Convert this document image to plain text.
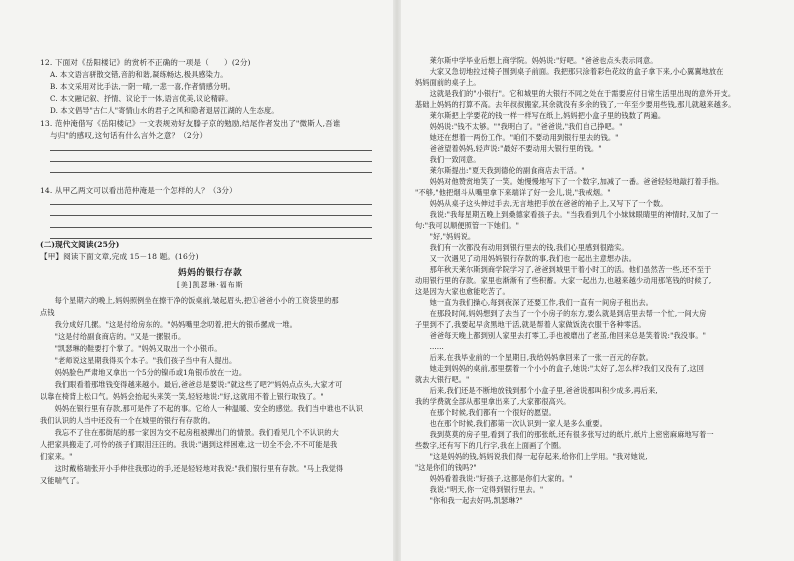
12. 下面对《岳阳楼记》的赏析不正确的一项是（　　）(2分)
A. 本文语言骈散交错,音韵和谐,凝练畅达,极具感染力。
B. 本文采用对比手法,一阴一晴,一悲一喜,作者情感分明。
C. 本文融记叙、抒情、议论于一体,语言优美,议论精辟。
D. 本文倡导"古仁人"寄情山水的君子之风和隐者退居江湖的人生态度。
13. 范仲淹借写《岳阳楼记》一文表规劝好友滕子京的勉励,结尾作者发出了"微斯人,吾谁
与归"的感叹,这句话有什么言外之意？（2分）
14. 从甲乙两文可以看出范仲淹是一个怎样的人？（3分）
(二)现代文阅读(25分)
【甲】阅读下面文章,完成 15－18 题。(16分)
妈妈的银行存款
[美]凯瑟琳·福布斯
　　每个星期六的晚上,妈妈照例坐在擦干净的饭桌前,皱起眉头,把①爸爸小小的工资袋里的那
点钱
　　我分成好几摞。"这是付给房东的。"妈妈嘴里念叨着,把大的银币摞成一堆。
　　"这是付给副食商店的。"又是一摞银币。
　　"凯瑟琳的鞋要打个掌了。"妈妈又取出一个小银币。
　　"老师说这星期我得买个本子。"我们孩子当中有人提出。
　　妈妈脸色严肃地又拿出一个5分的镍币或1角银币放在一边。
　　我们眼看着那堆钱变得越来越小。最后,爸爸总是要说:"就这些了吧?"妈妈点点头,大家才可
以靠在椅背上松口气。妈妈会抬起头来笑一笑,轻轻地说:"好,这就用不着上银行取钱了。"
　　妈妈在银行里有存款,那可是件了不起的事。它给人一种温暖、安全的感觉。我们当中谁也不认识
我们认识的人当中还没有一个在城里的银行有存款的。
　　我忘不了住在那街尾的那一家因为交不起房租被撵出门的情景。我们看见几个不认识的大
人把家具搬走了,可怜的孩子们眼泪汪汪的。我说:"遇到这样困难,这一切全不会,不不可能是我
们家来。"
　　这时戴格瑞张开小手伸往我那边的手,还是轻轻地对我说:"我们银行里有存款。"马上我觉得
又能喘气了。
　　莱尔斯中学毕业后想上商学院。妈妈说:"好吧。"爸爸也点头表示同意。
　　大家又急切地拉过椅子围到桌子前面。我把那只涂着彩色花纹的盒子拿下来,小心翼翼地放在
妈妈面前的桌子上。
　　这就是我们的"小银行"。它和城里的大银行不同之处在于需要应付日常生活里出现的意外开支。
基础上妈妈的打算不高。去年叔叔搬家,其余就没有多余的钱了,一年至少要用些钱,那儿就越来越多。
　　莱尔斯把上学要花的钱一样一样写在纸上,妈妈把小盒子里的钱数了两遍。
　　妈妈说:"钱不太够。""我明白了。"爸爸说,"我们自己挣吧。"
　　她还在想着一两份工作。"咱们不要动用到银行里去的钱。"
　　爸爸望着妈妈,轻声说:"最好不要动用大银行里的钱。"
　　我们一致同意。
　　莱尔斯提出:"夏天我到德伦的副食商店去干活。"
　　妈妈对他赞赏地笑了一笑。她慢慢地写下了一个数字,加减了一番。爸爸轻轻地敲打着手指。
"不够,"他把烟斗从嘴里拿下来端详了好一会儿,说,"我戒烟。"
　　妈妈从桌子这头伸过手去,无言地把手放在爸爸的袖子上,又写下了一个数。
　　我说:"我每星期五晚上到桑德家看孩子去。"当我看到几个小妹妹眼睛里的神情时,又加了一
句:"我可以顺便照管一下她们。"
　　"好,"妈妈说。
　　我们有一次都没有动用到银行里去的钱,我们心里感到很踏实。
　　又一次遇见了动用妈妈银行存款的事,我们也一起出主意想办法。
　　那年秋天莱尔斯到商学院学习了,爸爸到城里干着小时工的活。他们虽然苦一些,还不至于
动用银行里的存款。家里也渐渐有了些积蓄。大家一起出力,也越来越少动用那笔钱的时候了,
这是因为大家也愈能吃苦了。
　　她一直为我们操心,每到夜深了还要工作,我们一直有一间房子租出去。
　　在那段时间,妈妈想到了去当了一个小房子的东方,要么就是到店里去帮一个忙,一间大房
子里到不了,我要起早贪黑地干活,就是帮着人家做饭洗衣服干各种零活。
　　爸爸每天晚上都到别人家里去打零工,手也被磨出了老茧,他回来总是笑着说:"我没事。"
　　......
　　后来,在我毕业前的一个星期日,我给妈妈拿回来了一张一百元的存款。
　　她走到妈妈的桌前,那里摆着一个小小的盒子,她说:"太好了,怎么样?我们又没有了,这回
就去大银行吧。"
　　后来,我们还是不断地放钱到那个小盒子里,爸爸说那叫积少成多,再后来,
我的学费就全部从那里拿出来了,大家都很高兴。
　　在那个时候,我们都有一个很好的愿望。
　　也在那个时候,我们都第一次认识到一家人是多么重要。
　　我到莫莫的房子里,看到了我们的那张纸,还有很多张写过的纸片,纸片上密密麻麻地写着一
些数字,还有写下的几行字,我在上面画了个圈。
　　"这是妈妈的钱,妈妈说我们得一起存起来,给你们上学用。"我对她说,
"这是你们的钱吗?"
　　妈妈看着我说:"好孩子,这都是你们大家的。"
　　我说:"明天,你一定得到银行里去。"
　　"你和我一起去好吗,凯瑟琳?"
